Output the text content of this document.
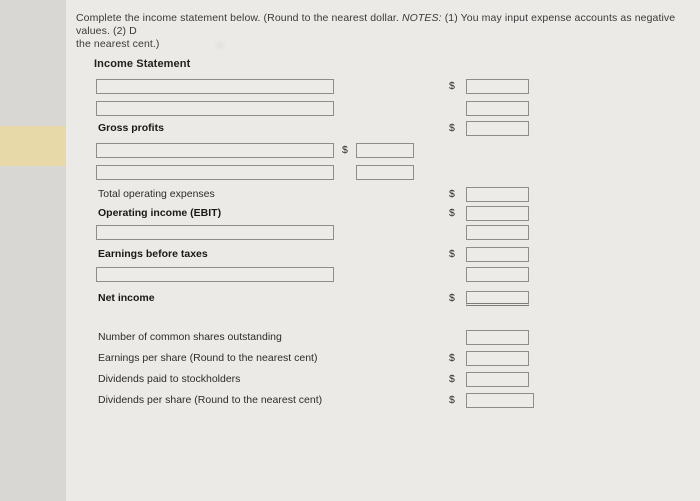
Complete the income statement below. (Round to the nearest dollar. NOTES: (1) You may input expense accounts as negative values. (2) D
the nearest cent.)
Income Statement
$
Gross profits	$
$
Total operating expenses	$
Operating income (EBIT)	$
Earnings before taxes	$
Net income	$
Number of common shares outstanding
Earnings per share (Round to the nearest cent)	$
Dividends paid to stockholders	$
Dividends per share (Round to the nearest cent)	$
